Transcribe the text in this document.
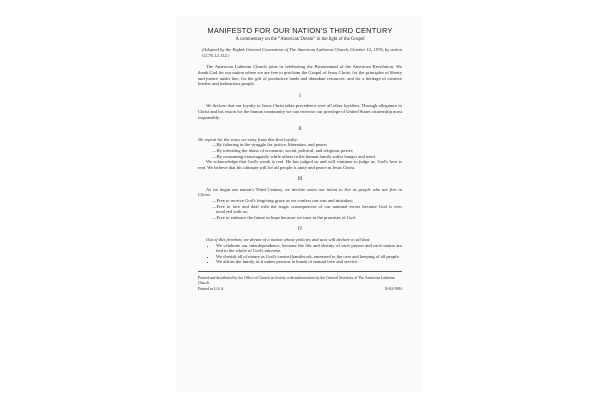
MANIFESTO FOR OUR NATION'S THIRD CENTURY
A commentary on the “American Dream” in the light of the Gospel

(Adopted by the Eighth General Convention of The American Lutheran Church, October 12, 1976, by action GC76.12.152.)

The American Lutheran Church joins in celebrating the Bicentennial of the American Revolution. We thank God for our nation where we are free to proclaim the Gospel of Jesus Christ; for the principles of liberty and justice under law; for the gift of productive lands and abundant resources; and for a heritage of creative leaders and industrious people.

I

We declare that our loyalty to Jesus Christ takes precedence over all other loyalties. Through allegiance to Christ and his vision for the human community we can exercise our privilege of United States citizenship most responsibly.

II

We repent for the ways we stray from this first loyalty:

—By faltering in the struggle for justice, liberation, and peace;
—By tolerating the abuse of economic, social, political, and religious power;
—By consuming extravagantly while others in the human family suffer hunger and need.

We acknowledge that God's wrath is real. He has judged us and will continue to judge us. God's love is real. We believe that his ultimate will for all people is unity and peace in Jesus Christ.

III

As we begin our nation's Third Century, we declare anew our intent to live as people who are free in Christ:

—Free to receive God's forgiving grace as we confess our sins and mistakes;
—Free to face and deal with the tragic consequences of our national errors because God is ever involved with us;
—Free to embrace the future in hope because we trust in the promises of God.
IV

Out of this freedom, we dream of a nation whose policies and acts will declare to all that:

• We celebrate our interdependence, because the life and destiny of each person and each nation are tied to the whole of God's universe.
• We cherish all of nature as God's created handiwork, entrusted to the care and keeping of all people.
• We affirm the family as it unites persons in bonds of mutual love and service.
Printed and distributed by the Office of Church in Society with authorization by the General Secretary of The American Lutheran Church.
Printed in U.S.A.	10-82-5984
